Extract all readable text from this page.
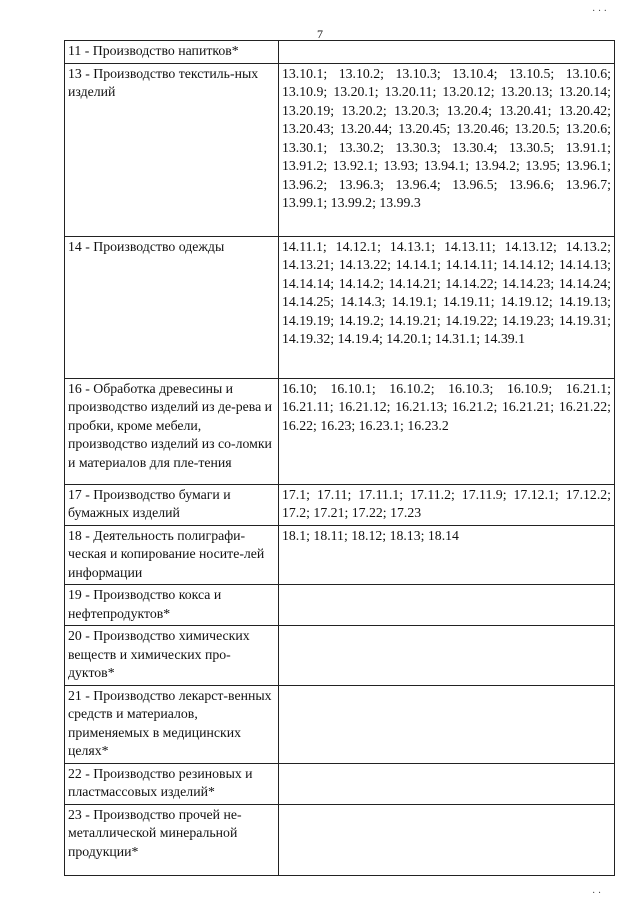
7
11 - Производство напитков*	
13 - Производство текстиль-ных изделий	13.10.1; 13.10.2; 13.10.3; 13.10.4; 13.10.5; 13.10.6; 13.10.9; 13.20.1; 13.20.11; 13.20.12; 13.20.13; 13.20.14; 13.20.19; 13.20.2; 13.20.3; 13.20.4; 13.20.41; 13.20.42; 13.20.43; 13.20.44; 13.20.45; 13.20.46; 13.20.5; 13.20.6; 13.30.1; 13.30.2; 13.30.3; 13.30.4; 13.30.5; 13.91.1; 13.91.2; 13.92.1; 13.93; 13.94.1; 13.94.2; 13.95; 13.96.1; 13.96.2; 13.96.3; 13.96.4; 13.96.5; 13.96.6; 13.96.7; 13.99.1; 13.99.2; 13.99.3
14 - Производство одежды	14.11.1; 14.12.1; 14.13.1; 14.13.11; 14.13.12; 14.13.2; 14.13.21; 14.13.22; 14.14.1; 14.14.11; 14.14.12; 14.14.13; 14.14.14; 14.14.2; 14.14.21; 14.14.22; 14.14.23; 14.14.24; 14.14.25; 14.14.3; 14.19.1; 14.19.11; 14.19.12; 14.19.13; 14.19.19; 14.19.2; 14.19.21; 14.19.22; 14.19.23; 14.19.31; 14.19.32; 14.19.4; 14.20.1; 14.31.1; 14.39.1
16 - Обработка древесины и производство изделий из де-рева и пробки, кроме мебели, производство изделий из со-ломки и материалов для пле-тения	16.10; 16.10.1; 16.10.2; 16.10.3; 16.10.9; 16.21.1; 16.21.11; 16.21.12; 16.21.13; 16.21.2; 16.21.21; 16.21.22; 16.22; 16.23; 16.23.1; 16.23.2
17 - Производство бумаги и бумажных изделий	17.1; 17.11; 17.11.1; 17.11.2; 17.11.9; 17.12.1; 17.12.2; 17.2; 17.21; 17.22; 17.23
18 - Деятельность полиграфи-ческая и копирование носите-лей информации	18.1; 18.11; 18.12; 18.13; 18.14
19 - Производство кокса и нефтепродуктов*	
20 - Производство химических веществ и химических про-дуктов*	
21 - Производство лекарст-венных средств и материалов, применяемых в медицинских целях*	
22 - Производство резиновых и пластмассовых изделий*	
23 - Производство прочей не-металлической минеральной продукции*	
· · ·
· ·
